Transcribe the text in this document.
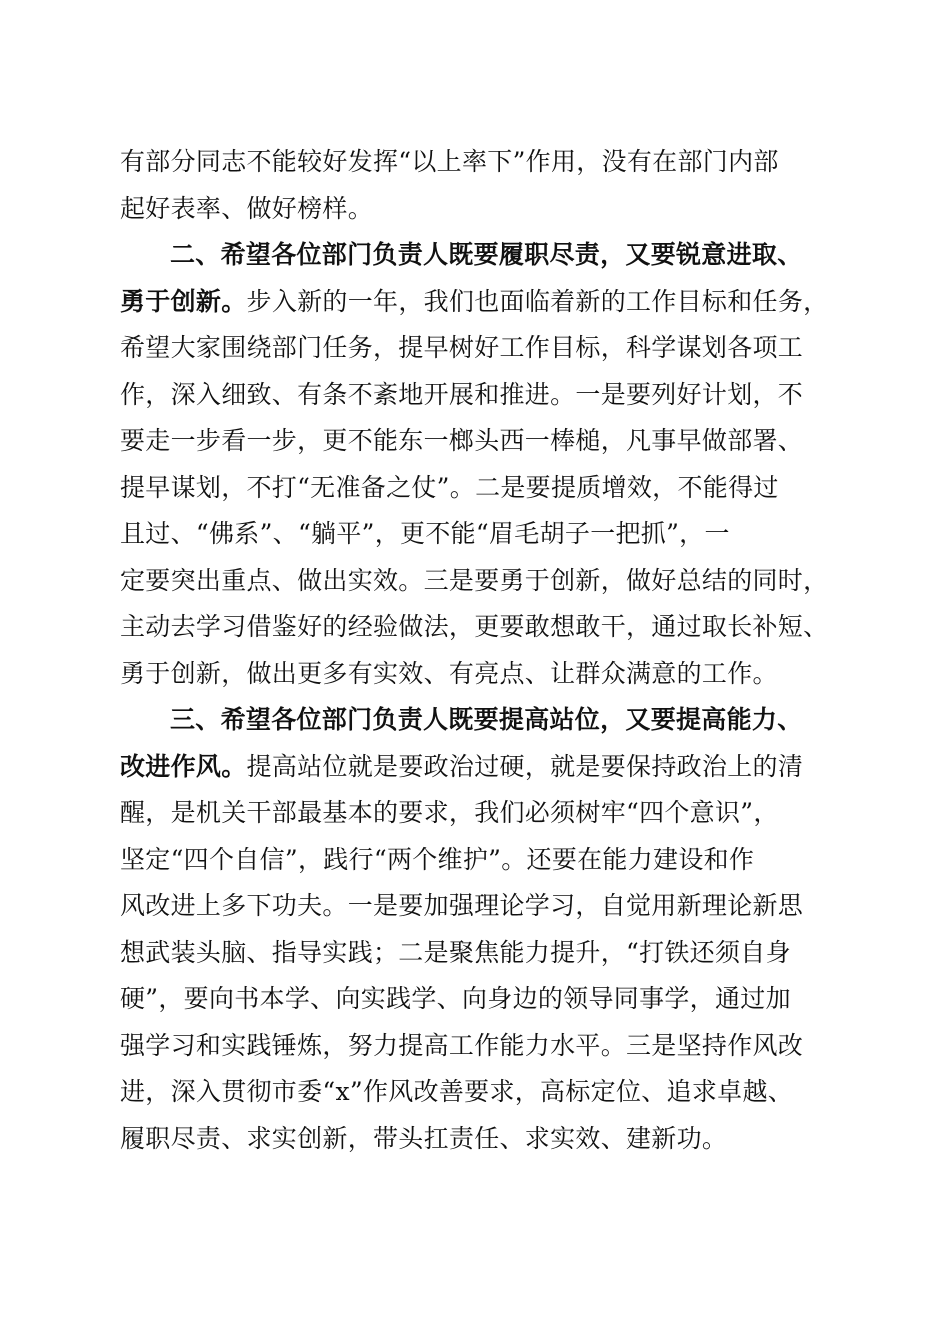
有部分同志不能较好发挥“以上率下”作用，没有在部门内部
起好表率、做好榜样。

二、希望各位部门负责人既要履职尽责，又要锐意进取、
勇于创新。步入新的一年，我们也面临着新的工作目标和任务，
希望大家围绕部门任务，提早树好工作目标，科学谋划各项工
作，深入细致、有条不紊地开展和推进。一是要列好计划，不
要走一步看一步，更不能东一榔头西一棒槌，凡事早做部署、
提早谋划，不打“无准备之仗”。二是要提质增效，不能得过
且过、“佛系”、“躺平”，更不能“眉毛胡子一把抓”，一
定要突出重点、做出实效。三是要勇于创新，做好总结的同时，
主动去学习借鉴好的经验做法，更要敢想敢干，通过取长补短、
勇于创新，做出更多有实效、有亮点、让群众满意的工作。

三、希望各位部门负责人既要提高站位，又要提高能力、
改进作风。提高站位就是要政治过硬，就是要保持政治上的清
醒，是机关干部最基本的要求，我们必须树牢“四个意识”，
坚定“四个自信”，践行“两个维护”。还要在能力建设和作
风改进上多下功夫。一是要加强理论学习，自觉用新理论新思
想武装头脑、指导实践；二是聚焦能力提升，“打铁还须自身
硬”，要向书本学、向实践学、向身边的领导同事学，通过加
强学习和实践锤炼，努力提高工作能力水平。三是坚持作风改
进，深入贯彻市委“x”作风改善要求，高标定位、追求卓越、
履职尽责、求实创新，带头扛责任、求实效、建新功。
